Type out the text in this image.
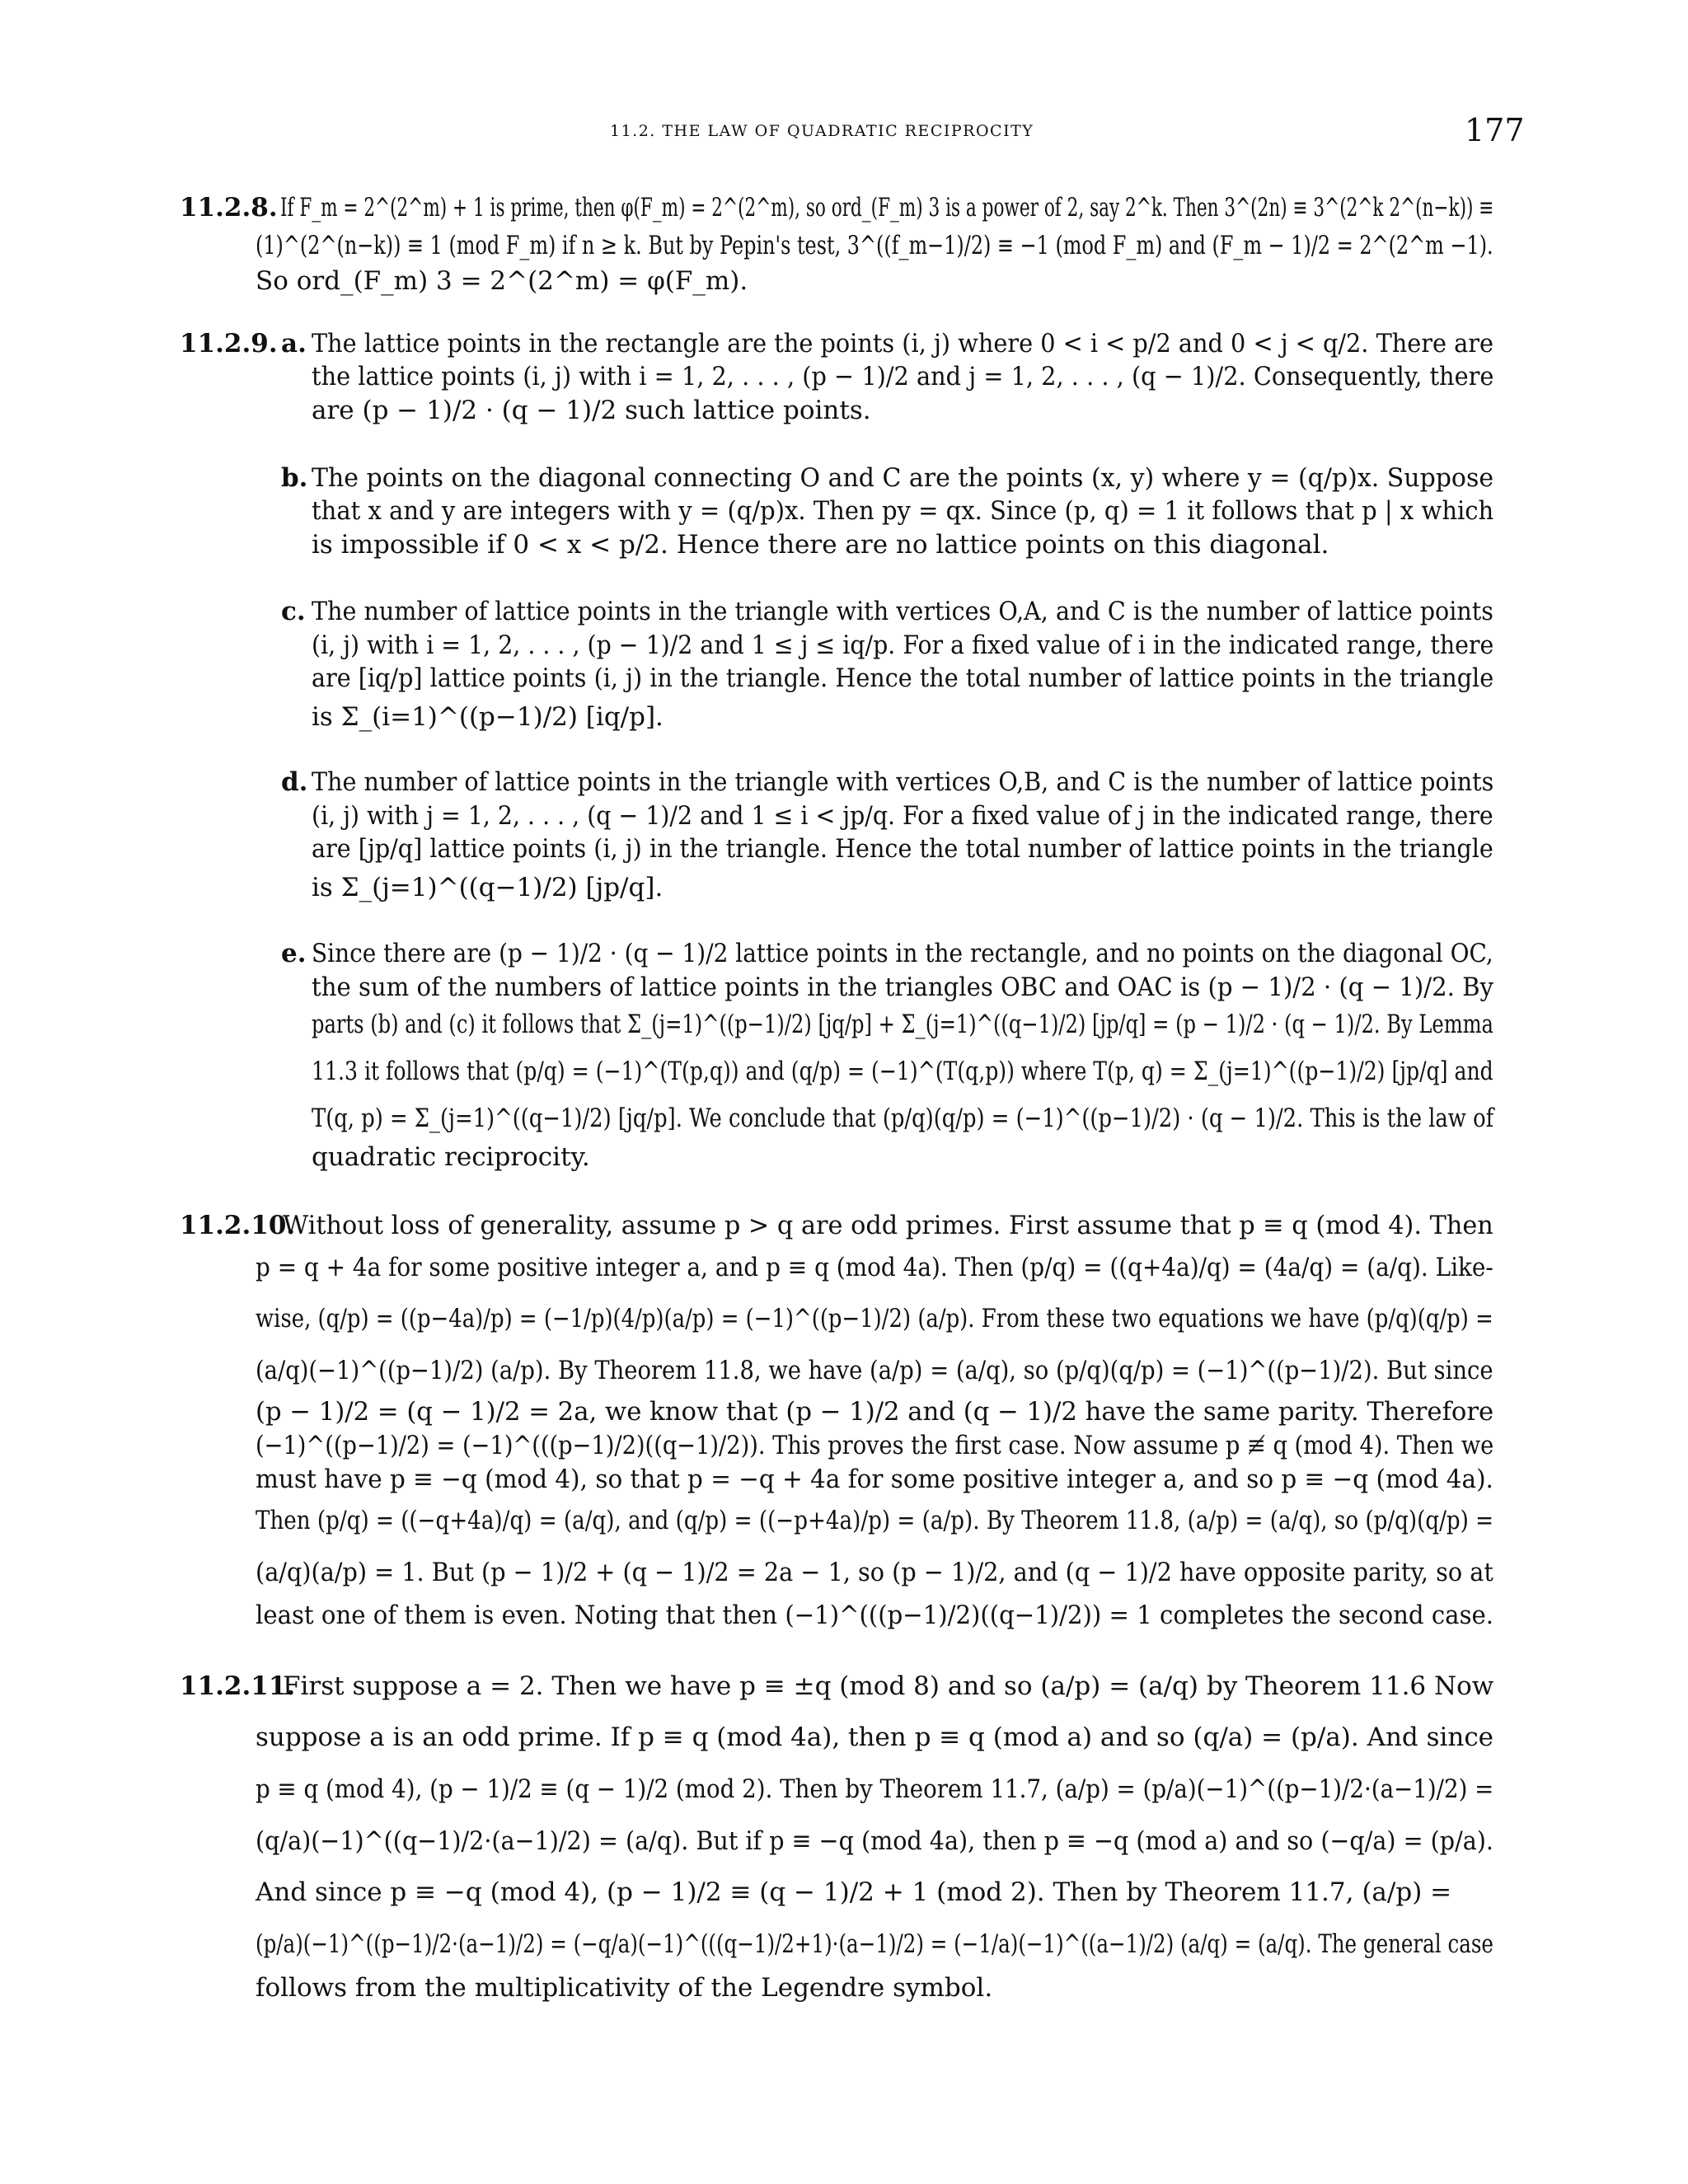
11.2. THE LAW OF QUADRATIC RECIPROCITY	177
11.2.8. If F_m = 2^(2^m) + 1 is prime, then φ(F_m) = 2^(2^m), so ord_(F_m) 3 is a power of 2, say 2^k. Then 3^(2n) ≡ 3^(2^k 2^(n−k)) ≡
(1)^(2^(n−k)) ≡ 1 (mod F_m) if n ≥ k. But by Pepin's test, 3^((f_m−1)/2) ≡ −1 (mod F_m) and (F_m − 1)/2 = 2^(2^m −1).
So ord_(F_m) 3 = 2^(2^m) = φ(F_m).
11.2.9. a. The lattice points in the rectangle are the points (i, j) where 0 < i < p/2 and 0 < j < q/2. There are
the lattice points (i, j) with i = 1, 2, . . . , (p − 1)/2 and j = 1, 2, . . . , (q − 1)/2. Consequently, there
are (p − 1)/2 · (q − 1)/2 such lattice points.
b. The points on the diagonal connecting O and C are the points (x, y) where y = (q/p)x. Suppose
that x and y are integers with y = (q/p)x. Then py = qx. Since (p, q) = 1 it follows that p | x which
is impossible if 0 < x < p/2. Hence there are no lattice points on this diagonal.
c. The number of lattice points in the triangle with vertices O,A, and C is the number of lattice points
(i, j) with i = 1, 2, . . . , (p − 1)/2 and 1 ≤ j ≤ iq/p. For a fixed value of i in the indicated range, there
are [iq/p] lattice points (i, j) in the triangle. Hence the total number of lattice points in the triangle
is Σ_(i=1)^((p−1)/2) [iq/p].
d. The number of lattice points in the triangle with vertices O,B, and C is the number of lattice points
(i, j) with j = 1, 2, . . . , (q − 1)/2 and 1 ≤ i < jp/q. For a fixed value of j in the indicated range, there
are [jp/q] lattice points (i, j) in the triangle. Hence the total number of lattice points in the triangle
is Σ_(j=1)^((q−1)/2) [jp/q].
e. Since there are (p − 1)/2 · (q − 1)/2 lattice points in the rectangle, and no points on the diagonal OC,
the sum of the numbers of lattice points in the triangles OBC and OAC is (p − 1)/2 · (q − 1)/2. By
parts (b) and (c) it follows that Σ_(j=1)^((p−1)/2) [jq/p] + Σ_(j=1)^((q−1)/2) [jp/q] = (p − 1)/2 · (q − 1)/2. By Lemma
11.3 it follows that (p/q) = (−1)^(T(p,q)) and (q/p) = (−1)^(T(q,p)) where T(p, q) = Σ_(j=1)^((p−1)/2) [jp/q] and
T(q, p) = Σ_(j=1)^((q−1)/2) [jq/p]. We conclude that (p/q)(q/p) = (−1)^((p−1)/2) · (q − 1)/2. This is the law of
quadratic reciprocity.
11.2.10.
Without loss of generality, assume p > q are odd primes. First assume that p ≡ q (mod 4). Then
p = q + 4a for some positive integer a, and p ≡ q (mod 4a). Then (p/q) = ((q+4a)/q) = (4a/q) = (a/q). Like-
wise, (q/p) = ((p−4a)/p) = (−1/p)(4/p)(a/p) = (−1)^((p−1)/2) (a/p). From these two equations we have (p/q)(q/p) =
(a/q)(−1)^((p−1)/2) (a/p). By Theorem 11.8, we have (a/p) = (a/q), so (p/q)(q/p) = (−1)^((p−1)/2). But since
(p − 1)/2 = (q − 1)/2 = 2a, we know that (p − 1)/2 and (q − 1)/2 have the same parity. Therefore
(−1)^((p−1)/2) = (−1)^(((p−1)/2)((q−1)/2)). This proves the first case. Now assume p ≢ q (mod 4). Then we
must have p ≡ −q (mod 4), so that p = −q + 4a for some positive integer a, and so p ≡ −q (mod 4a).
Then (p/q) = ((−q+4a)/q) = (a/q), and (q/p) = ((−p+4a)/p) = (a/p). By Theorem 11.8, (a/p) = (a/q), so (p/q)(q/p) =
(a/q)(a/p) = 1. But (p − 1)/2 + (q − 1)/2 = 2a − 1, so (p − 1)/2, and (q − 1)/2 have opposite parity, so at
least one of them is even. Noting that then (−1)^(((p−1)/2)((q−1)/2)) = 1 completes the second case.
11.2.11.
First suppose a = 2. Then we have p ≡ ±q (mod 8) and so (a/p) = (a/q) by Theorem 11.6 Now
suppose a is an odd prime. If p ≡ q (mod 4a), then p ≡ q (mod a) and so (q/a) = (p/a). And since
p ≡ q (mod 4), (p − 1)/2 ≡ (q − 1)/2 (mod 2). Then by Theorem 11.7, (a/p) = (p/a)(−1)^((p−1)/2·(a−1)/2) =
(q/a)(−1)^((q−1)/2·(a−1)/2) = (a/q). But if p ≡ −q (mod 4a), then p ≡ −q (mod a) and so (−q/a) = (p/a).
And since p ≡ −q (mod 4), (p − 1)/2 ≡ (q − 1)/2 + 1 (mod 2). Then by Theorem 11.7, (a/p) =
(p/a)(−1)^((p−1)/2·(a−1)/2) = (−q/a)(−1)^(((q−1)/2+1)·(a−1)/2) = (−1/a)(−1)^((a−1)/2) (a/q) = (a/q). The general case
follows from the multiplicativity of the Legendre symbol.
